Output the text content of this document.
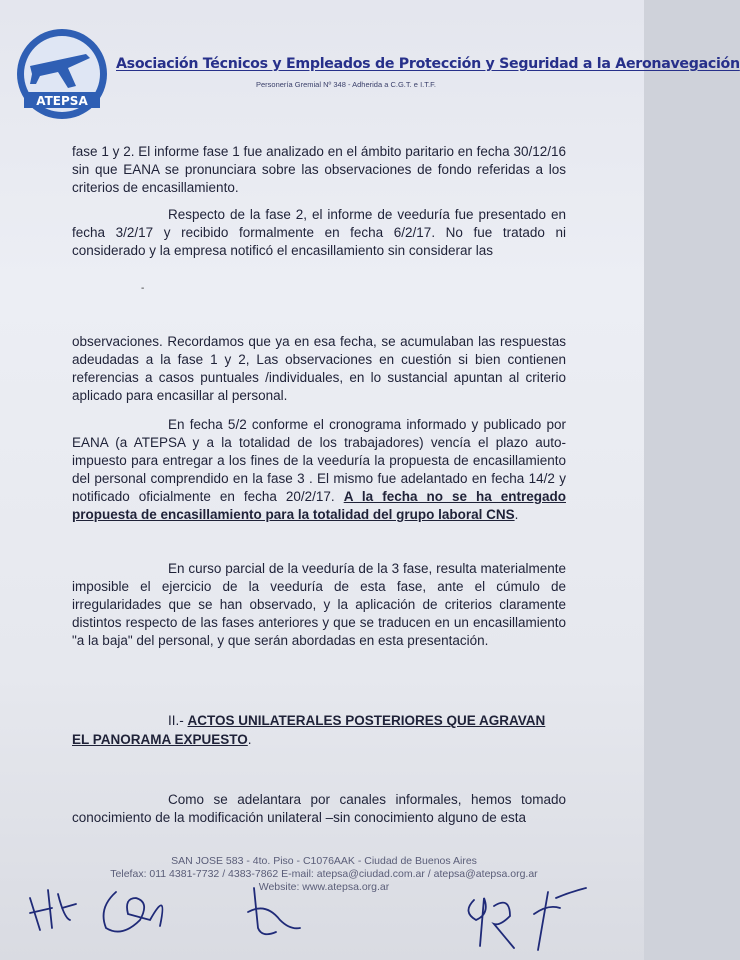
ATEPSA
Asociación Técnicos y Empleados de Protección y Seguridad a la Aeronavegación
Personería Gremial Nº 348 - Adherida a C.G.T. e I.T.F.

fase 1 y 2. El informe fase 1 fue analizado en el ámbito paritario en fecha 30/12/16 sin que EANA se pronunciara sobre las observaciones de fondo referidas a los criterios de encasillamiento.

Respecto de la fase 2, el informe de veeduría fue presentado en fecha 3/2/17 y recibido formalmente en fecha 6/2/17. No fue tratado ni considerado y la empresa notificó el encasillamiento sin considerar las

-

observaciones. Recordamos que ya en esa fecha, se acumulaban las respuestas adeudadas a la fase 1 y 2, Las observaciones en cuestión si bien contienen referencias a casos puntuales /individuales, en lo sustancial apuntan al criterio aplicado para encasillar al personal.

En fecha 5/2 conforme el cronograma informado y publicado por EANA (a ATEPSA y a la totalidad de los trabajadores) vencía el plazo auto-impuesto para entregar a los fines de la veeduría la propuesta de encasillamiento del personal comprendido en la fase 3 . El mismo fue adelantado en fecha 14/2 y notificado oficialmente en fecha 20/2/17. A la fecha no se ha entregado propuesta de encasillamiento para la totalidad del grupo laboral CNS.

En curso parcial de la veeduría de la 3 fase, resulta materialmente imposible el ejercicio de la veeduría de esta fase, ante el cúmulo de irregularidades que se han observado, y la aplicación de criterios claramente distintos respecto de las fases anteriores y que se traducen en un encasillamiento "a la baja" del personal, y que serán abordadas en esta presentación.

II.- ACTOS UNILATERALES POSTERIORES QUE AGRAVAN EL PANORAMA EXPUESTO.

Como se adelantara por canales informales, hemos tomado conocimiento de la modificación unilateral –sin conocimiento alguno de esta

SAN JOSE 583 - 4to. Piso - C1076AAK - Ciudad de Buenos Aires
Telefax: 011 4381-7732 / 4383-7862 E-mail: atepsa@ciudad.com.ar / atepsa@atepsa.org.ar
Website: www.atepsa.org.ar
